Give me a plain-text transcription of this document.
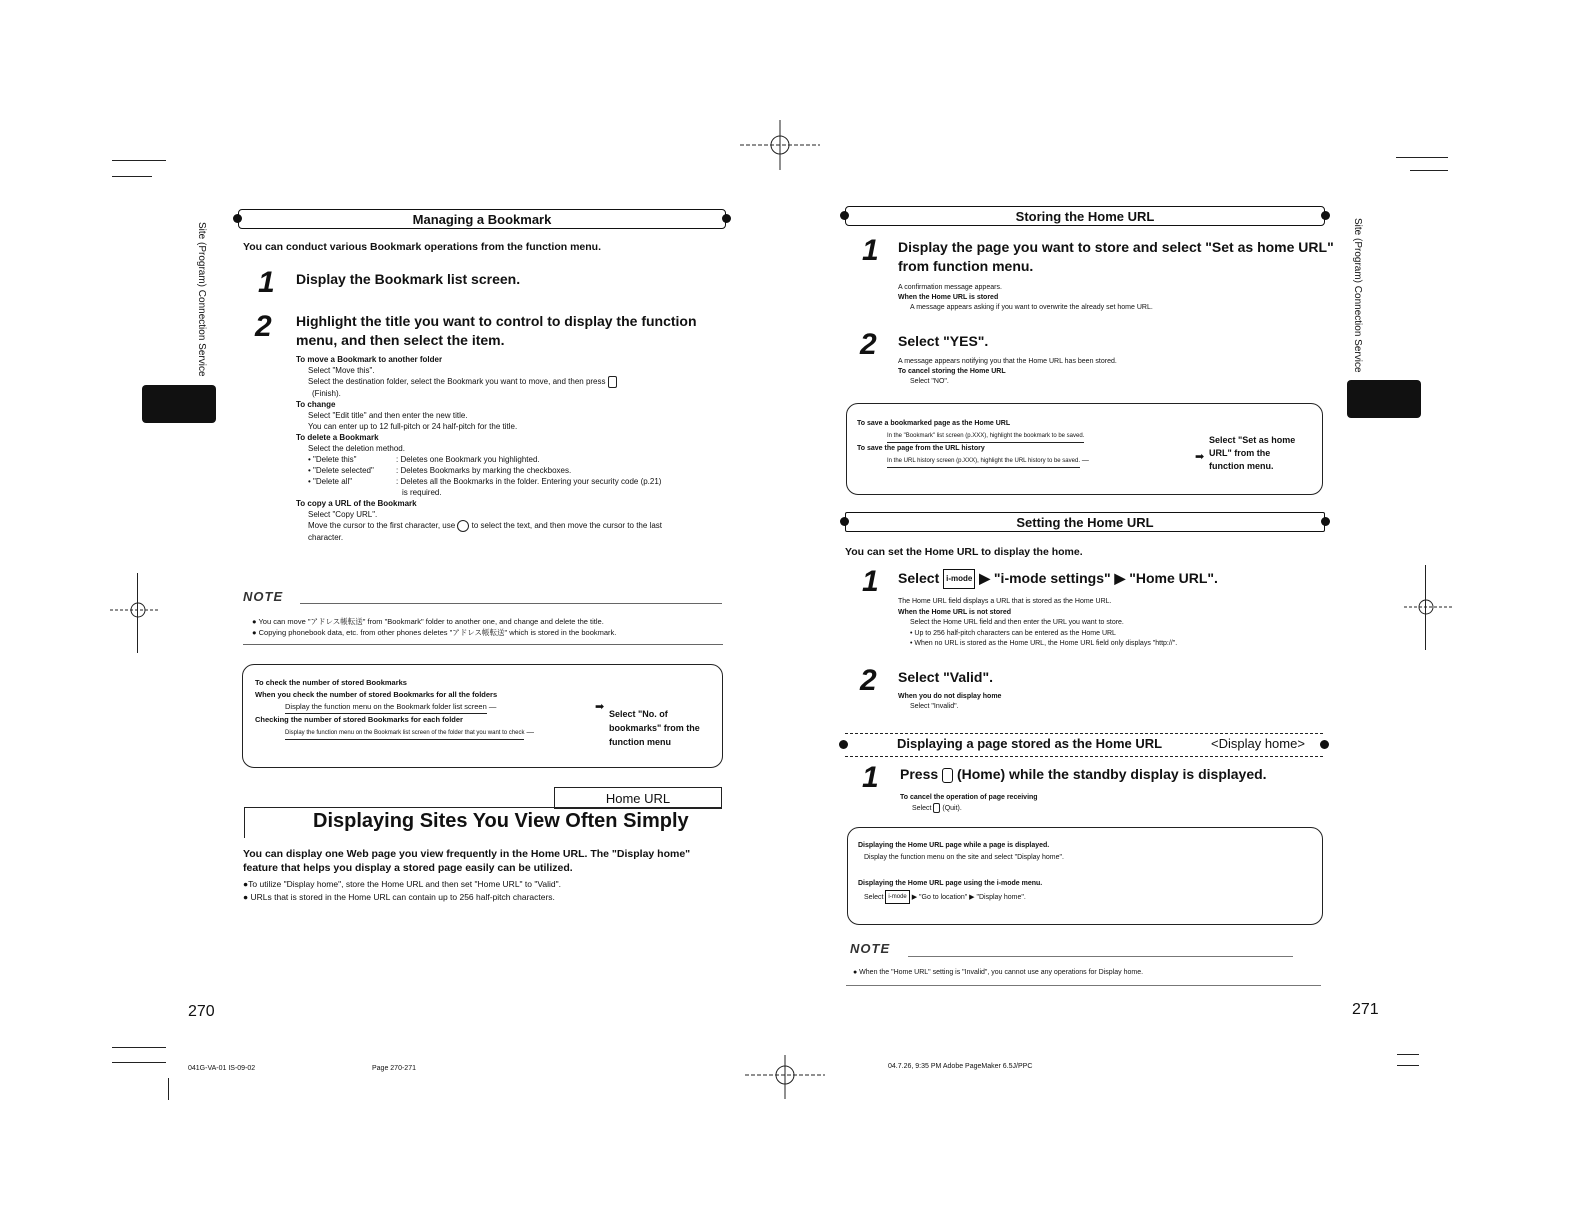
Site (Program) Connection Service
Managing a Bookmark
You can conduct various Bookmark operations from the function menu.
1 Display the Bookmark list screen.
2 Highlight the title you want to control to display the function
menu, and then select the item.
To move a Bookmark to another folder
Select "Move this".
Select the destination folder, select the Bookmark you want to move, and then press
(Finish).
To change
Select "Edit title" and then enter the new title.
You can enter up to 12 full-pitch or 24 half-pitch for the title.
To delete a Bookmark
Select the deletion method.
• "Delete this"	: Deletes one Bookmark you highlighted.
• "Delete selected"	: Deletes Bookmarks by marking the checkboxes.
• "Delete all"	: Deletes all the Bookmarks in the folder. Entering your security code (p.21)
is required.
To copy a URL of the Bookmark
Select "Copy URL".
Move the cursor to the first character, use to select the text, and then move the cursor to the last
character.
NOTE
● You can move "アドレス帳転送" from "Bookmark" folder to another one, and change and delete the title.
● Copying phonebook data, etc. from other phones deletes "アドレス帳転送" which is stored in the bookmark.
To check the number of stored Bookmarks
When you check the number of stored Bookmarks for all the folders
Display the function menu on the Bookmark folder list screen —
Checking the number of stored Bookmarks for each folder
Display the function menu on the Bookmark list screen of the folder that you want to check —
➡
Select "No. of
bookmarks" from the
function menu
Home URL
Displaying Sites You View Often Simply
You can display one Web page you view frequently in the Home URL. The "Display home"
feature that helps you display a stored page easily can be utilized.
●To utilize "Display home", store the Home URL and then set "Home URL" to "Valid".
● URLs that is stored in the Home URL can contain up to 256 half-pitch characters.
270
041G-VA-01 IS-09-02	Page 270-271
Site (Program) Connection Service
Storing the Home URL
1 Display the page you want to store and select "Set as home URL"
from function menu.
A confirmation message appears.
When the Home URL is stored
A message appears asking if you want to overwrite the already set home URL.
2 Select "YES".
A message appears notifying you that the Home URL has been stored.
To cancel storing the Home URL
Select "NO".
To save a bookmarked page as the Home URL
In the "Bookmark" list screen (p.XXX), highlight the bookmark to be saved.
To save the page from the URL history
In the URL history screen (p.XXX), highlight the URL history to be saved. —	➡
Select "Set as home
URL" from the
function menu.
Setting the Home URL
You can set the Home URL to display the home.
1 Select i-mode ▶ "i-mode settings" ▶ "Home URL".
The Home URL field displays a URL that is stored as the Home URL.
When the Home URL is not stored
Select the Home URL field and then enter the URL you want to store.
• Up to 256 half-pitch characters can be entered as the Home URL
• When no URL is stored as the Home URL, the Home URL field only displays "http://".
2 Select "Valid".
When you do not display home
Select "Invalid".
Displaying a page stored as the Home URL	<Display home>
1 Press (Home) while the standby display is displayed.
To cancel the operation of page receiving
Select (Quit).
Displaying the Home URL page while a page is displayed.
Display the function menu on the site and select "Display home".
Displaying the Home URL page using the i-mode menu.
Select i-mode ▶ "Go to location" ▶ "Display home".
NOTE
● When the "Home URL" setting is "Invalid", you cannot use any operations for Display home.
271
04.7.26, 9:35 PM Adobe PageMaker 6.5J/PPC
